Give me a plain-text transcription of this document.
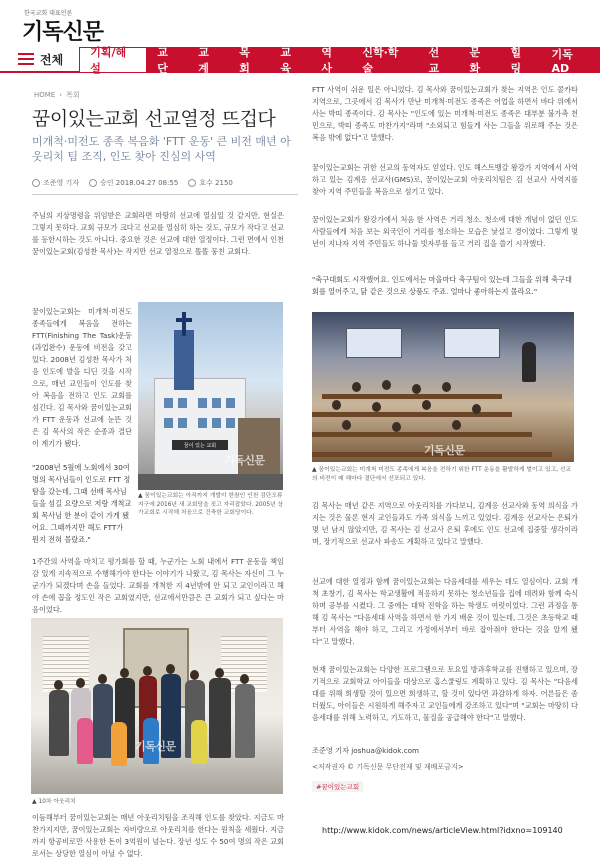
한국교회 대표언론
기독신문
전체	기획/해설
교단
교계
목회
교육
역사
신학·학술
선교
문화
힐링
기독AD
HOME › 목회
꿈이있는교회 선교열정 뜨겁다
미개척·미전도 종족 복음화 'FTT 운동' 큰 비전 매년 아웃리치 팀 조직, 인도 찾아 진심의 사역
조준영 기자	승인 2018.04.27 08:55	호수 2150
주님의 지상명령을 위임받은 교회라면 마땅히 선교에 열심일 것 같지만, 현실은 그렇지 못하다. 교회 규모가 크다고 선교를 열심히 하는 것도, 규모가 작다고 선교를 등한시하는 것도 아니다. 중요한 것은 선교에 대한 열정이다. 그런 면에서 인천 꿈이있는교회(김성찬 목사)는 작지만 선교 열정으로 똘똘 뭉친 교회다.
꿈이있는교회는 미개척·미전도 종족들에게 복음을 전하는 FTT(Finishing The Task)운동(과업완수) 운동에 비전을 갖고 있다. 2008년 김성찬 목사가 처음 인도에 발을 디딘 것을 시작으로, 매년 교인들이 인도를 찾아 복음을 전하고 인도 교회를 섬긴다. 김 목사와 꿈이있는교회가 FTT 운동과 선교에 눈뜬 것은 김 목사의 작은 순종과 결단이 계기가 됐다.
"2008년 5월에 노회에서 30여 명의 목사님들이 인도로 FTT 정탐을 갔는데, 그때 선배 목사님들을 섬길 요량으로 저랑 개척교회 목사님 한 분이 같이 가게 됐어요. 그때까지만 해도 FTT가 뭔지 전혀 몰랐죠."
꿈이 있는 교회
기독신문
▲ 꿈이있는교회는 아직까지 개발이 한참인 인천 검단오류지구에 2016년 새 교회당을 짓고 자리잡았다. 2005년 상가교회로 시작해 처음으로 건축한 교회당이다.
1주간의 사역을 마치고 평가회를 할 때, 누군가는 노회 내에서 FTT 운동을 책임감 있게 지속적으로 수행해가야 한다는 이야기가 나왔고, 김 목사는 자신이 그 누군가가 되겠다며 손을 들었다. 교회를 개척한 지 4년밖에 안 되고 교인이라고 해야 손에 꼽을 정도인 작은 교회였지만, 선교에서만큼은 큰 교회가 되고 싶다는 마음이었다.
기독신문
▲ 10차 아웃리치
FTT 사역이 쉬운 일은 아니었다. 김 목사와 꿈이있는교회가 찾는 지역은 인도 콜카타 지역으로, 그곳에서 김 목사가 만난 미개척·미전도 종족은 어업을 하면서 바다 위에서 사는 박띠 종족이다. 김 목사는 "인도에 있는 미개척·미전도 종족은 대부분 불가촉 천민으로, 박띠 종족도 마찬가지"라며 "소외되고 힘들게 사는 그들을 위로해 주는 것은 복음 밖에 없다"고 말했다.
꿈이있는교회는 귀한 선교의 동역자도 얻었다. 인도 해스트뱅갈 왕강가 지역에서 사역하고 있는 김계응 선교사(GMS)로, 꿈이있는교회 아웃리치팀은 김 선교사 사역지를 찾아 지역 주민들을 복음으로 섬기고 있다.
꿈이있는교회가 왕강가에서 처음 한 사역은 거리 청소. 청소에 대한 개념이 없던 인도 사람들에게 처음 보는 외국인이 거리를 청소하는 모습은 낯설고 경이였다. 그렇게 몇 년이 지나자 지역 주민들도 하나둘 빗자루를 들고 거리 집을 쓸기 시작했다.
"축구대회도 시작했어요. 인도에서는 마을마다 축구팀이 있는데 그들을 위해 축구대회를 열어주고, 닭 같은 것으로 상품도 주죠. 얼마나 좋아하는지 몰라요."
기독신문
▲ 꿈이있는교회는 미개척 미전도 종족에게 복음을 전하기 위한 FTT 운동을 활발하게 벌이고 있고, 선교의 비전이 매 해마다 결단에서 선포되고 있다.
김 목사는 매년 같은 지역으로 아웃리치를 가다보니, 김계응 선교사와 동역 의식을 가지는 것은 물론 현지 교인들과도 가족 의식을 느끼고 있었다. 김계응 선교사는 은퇴가 몇 년 남지 않았지만, 김 목사는 김 선교사 은퇴 후에도 인도 선교에 집중할 생각이라며, 장기적으로 선교사 파송도 계획하고 있다고 말했다.
선교에 대한 열정과 함께 꿈이있는교회는 다음세대를 세우는 데도 열심이다. 교회 개척 초창기, 김 목사는 학교생활에 적응하지 못하는 청소년들을 집에 데려와 함께 숙식하며 공부를 시켰다. 그 중에는 대학 진학을 하는 학생도 여럿이었다. 그런 과정을 통해 김 목사는 "다음세대 사역을 하면서 한 가지 배운 것이 있는데, 그것은 초등학교 때부터 사역을 해야 하고, 그리고 가정에서부터 바로 잡아줘야 한다는 것을 알게 됐다"고 말했다.
현재 꿈이있는교회는 다양한 프로그램으로 토요일 방과후학교를 진행하고 있으며, 장기적으로 교회학교 아이들을 대상으로 홈스쿨링도 계획하고 있다. 김 목사는 "다음세대를 위해 희생할 것이 있으면 희생하고, 할 것이 있다면 과감하게 하자. 어른들은 좀 더웠도, 아이들은 시원하게 해주자고 교인들에게 강조하고 있다"며 "교회는 마땅히 다음세대를 위해 노력하고, 기도하고, 물질을 공급해야 한다"고 말했다.
조준영 기자 joshua@kidok.com
<저작권자 © 기독신문 무단전재 및 재배포금지>
#꿈이있는교회
이듬해부터 꿈이있는교회는 매년 아웃리치팀을 조직해 인도를 찾았다. 지금도 마찬가지지만, 꿈이있는교회는 자비량으로 아웃리치를 한다는 원칙을 세웠다. 지금까지 항공비로만 사용한 돈이 3억원이 넘는다. 장년 성도 수 50여 명의 작은 교회로서는 상당한 열심이 아닐 수 없다.
http://www.kidok.com/news/articleView.html?idxno=109140
